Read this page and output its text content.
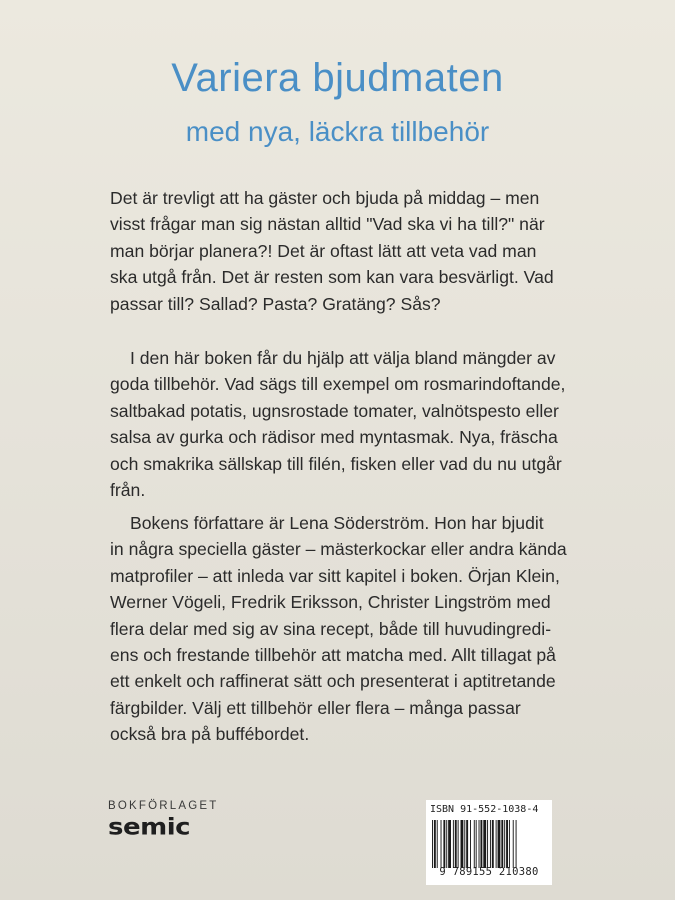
Variera bjudmaten
med nya, läckra tillbehör
Det är trevligt att ha gäster och bjuda på middag – men
visst frågar man sig nästan alltid "Vad ska vi ha till?" när
man börjar planera?! Det är oftast lätt att veta vad man
ska utgå från. Det är resten som kan vara besvärligt. Vad
passar till? Sallad? Pasta? Gratäng? Sås?
I den här boken får du hjälp att välja bland mängder av
goda tillbehör. Vad sägs till exempel om rosmarindoftande,
saltbakad potatis, ugnsrostade tomater, valnötspesto eller
salsa av gurka och rädisor med myntasmak. Nya, fräscha
och smakrika sällskap till filén, fisken eller vad du nu utgår
från.
Bokens författare är Lena Söderström. Hon har bjudit
in några speciella gäster – mästerkockar eller andra kända
matprofiler – att inleda var sitt kapitel i boken. Örjan Klein,
Werner Vögeli, Fredrik Eriksson, Christer Lingström med
flera delar med sig av sina recept, både till huvudingredi-
ens och frestande tillbehör att matcha med. Allt tillagat på
ett enkelt och raffinerat sätt och presenterat i aptitretande
färgbilder. Välj ett tillbehör eller flera – många passar
också bra på buffébordet.
BOKFÖRLAGET
semic
ISBN 91-552-1038-4
9 789155 210380
